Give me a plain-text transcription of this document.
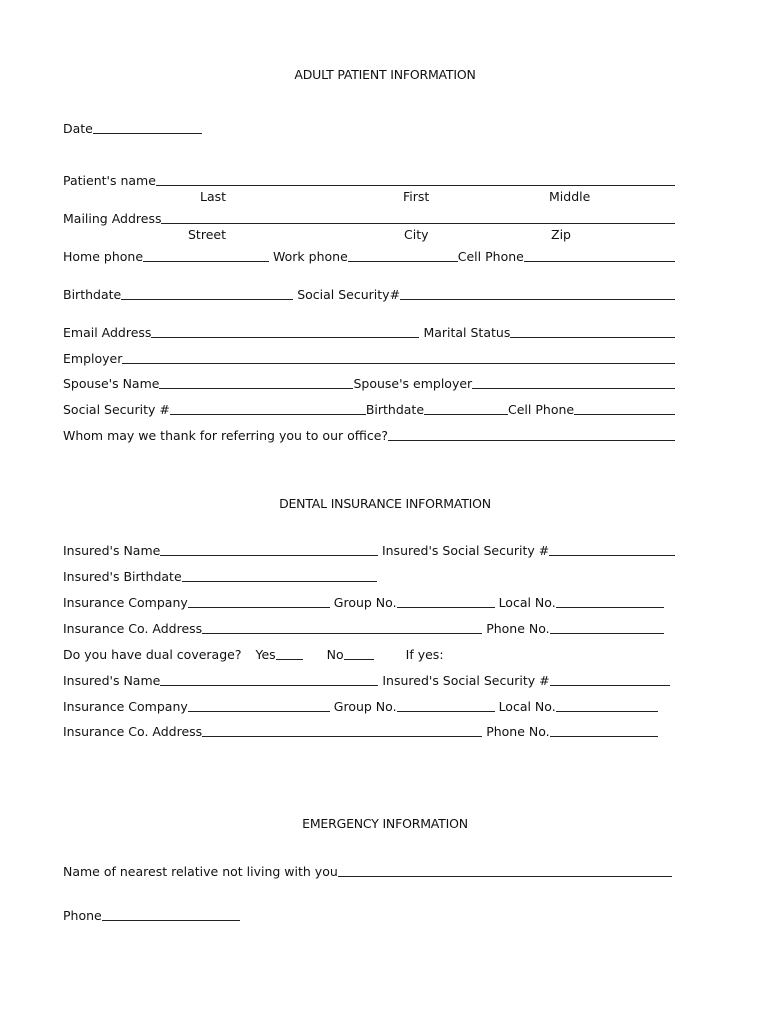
ADULT PATIENT INFORMATION
Date
Patient's name
Last	First	Middle
Mailing Address
Street	City	Zip
Home phone	Work phone	Cell Phone
Birthdate	Social Security#
Email Address	Marital Status
Employer
Spouse's Name	Spouse's employer
Social Security #	Birthdate	Cell Phone
Whom may we thank for referring you to our office?
DENTAL INSURANCE INFORMATION
Insured's Name	Insured's Social Security #
Insured's Birthdate
Insurance Company	Group No.	Local No.
Insurance Co. Address	Phone No.
Do you have dual coverage? Yes	No	If yes:
Insured's Name	Insured's Social Security #
Insurance Company	Group No.	Local No.
Insurance Co. Address	Phone No.
EMERGENCY INFORMATION
Name of nearest relative not living with you
Phone
